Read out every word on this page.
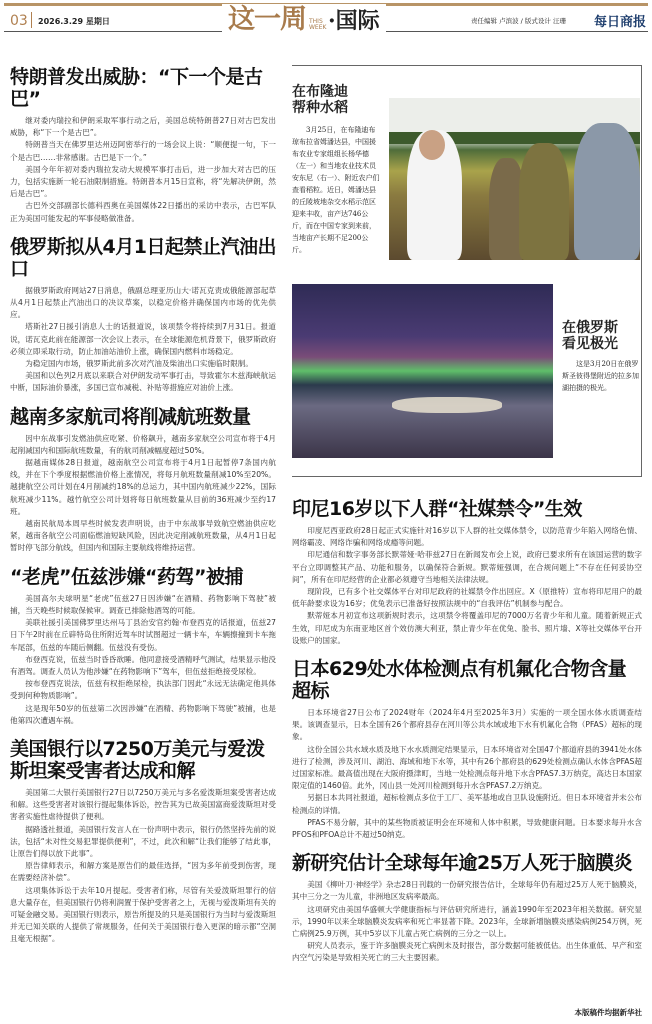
03 2026.3.29 星期日	这一周 THIS WEEK ·国际	责任编辑 卢滨波 / 版式设计 汪珊 每日商报
特朗普发出威胁：“下一个是古巴”

继对委内瑞拉和伊朗采取军事行动之后，美国总统特朗普27日对古巴发出威胁，称“下一个是古巴”。

特朗普当天在佛罗里达州迈阿密举行的一场会议上说：“顺便提一句，下一个是古巴……非常感谢。古巴是下一个。”

美国今年年初对委内瑞拉发动大规模军事打击后，进一步加大对古巴的压力，包括实施新一轮石油限制措施。特朗普本月15日宣称，将“先解决伊朗，然后是古巴”。

古巴外交部副部长德科西奥在美国媒体22日播出的采访中表示，古巴军队正为美国可能发起的军事侵略做准备。

俄罗斯拟从4月1日起禁止汽油出口

据俄罗斯政府网站27日消息，俄副总理亚历山大·诺瓦克责成俄能源部起草从4月1日起禁止汽油出口的决议草案，以稳定价格并确保国内市场的优先供应。

塔斯社27日援引消息人士的话报道说，该项禁令将持续到7月31日。报道说，诺瓦克此前在能源部一次会议上表示，在全球能源危机背景下，俄罗斯政府必须立即采取行动，防止加油站油价上涨，确保国内燃料市场稳定。

为稳定国内市场，俄罗斯此前多次对汽油及柴油出口实施临时限制。

美国和以色列2月底以来联合对伊朗发动军事打击，导致霍尔木兹海峡航运中断，国际油价暴涨，多国已宣布减税、补贴等措施应对油价上涨。

越南多家航司将削减航班数量

因中东战事引发燃油供应吃紧、价格飙升，越南多家航空公司宣布将于4月起削减国内和国际航班数量，有的航司削减幅度超过50%。

据越南媒体28日报道，越南航空公司宣布将于4月1日起暂停7条国内航线，并在下个季度根据燃油价格上涨情况，将每月航班数量削减10%至20%。越捷航空公司计划在4月削减约18%的总运力，其中国内航班减少22%，国际航班减少11%。越竹航空公司计划将每日航班数量从目前的36班减少至约17班。

越南民航局本周早些时候发表声明说，由于中东战事导致航空燃油供应吃紧，越南各航空公司面临燃油短缺风险，因此决定削减航班数量，从4月1日起暂时停飞部分航线，但国内和国际主要航线将维持运营。

“老虎”伍兹涉嫌“药驾”被捕

美国高尔夫球明星“老虎”伍兹27日因涉嫌“在酒精、药物影响下驾驶”被捕，当天晚些时候取保候审。调查已排除他酒驾的可能。

美联社援引美国佛罗里达州马丁县治安官约翰·布登西克的话报道，伍兹27日下午2时前在丘辟特岛住所附近驾车时试图超过一辆卡车，车辆擦撞到卡车拖车尾部，伍兹的车随后侧翻。伍兹没有受伤。

布登西克说，伍兹当时昏昏欲睡。他同意接受酒精呼气测试，结果显示他没有酒驾。调查人员认为他涉嫌“在药物影响下”驾车，但伍兹拒绝接受尿检。

按布登西克说法，伍兹有权拒绝尿检，执法部门因此“永远无法确定他具体受到何种物质影响”。

这是现年50岁的伍兹第二次因涉嫌“在酒精、药物影响下驾驶”被捕，也是他第四次遭遇车祸。

美国银行以7250万美元与爱泼斯坦案受害者达成和解

美国第二大银行美国银行27日以7250万美元与多名爱泼斯坦案受害者达成和解。这些受害者对该银行提起集体诉讼，控告其为已故美国富商爱泼斯坦对受害者实施性虐待提供了便利。

据路透社报道，美国银行发言人在一份声明中表示，银行仍然坚持先前的说法，包括“未对性交易犯罪提供便利”，不过，此次和解“让我们能够了结此事，让原告们得以放下此事”。

原告律师表示，和解方案是原告们的最佳选择，“因为多年前受到伤害，现在需要经济补偿”。

这项集体诉讼于去年10月提起。受害者们称，尽管有关爱泼斯坦罪行的信息大量存在，但美国银行仍将利润置于保护受害者之上，无视与爱泼斯坦有关的可疑金融交易。美国银行则表示，原告所提及的只是美国银行为当时与爱泼斯坦并无已知关联的人提供了常规服务，任何关于美国银行卷入更深的暗示都“空洞且毫无根据”。

在布隆迪
帮种水稻
3月25日，在布隆迪布琼布拉省姆潘达县，中国援布农业专家组组长杨华德（左一）和当地农业技术员安东尼（右一）、附近农户们查看稻粒。近日，姆潘达县的丘陵坡地杂交水稻示范区迎来丰收，亩产达746公斤，而在中国专家到来前，当地亩产长期不足200公斤。
在俄罗斯
看见极光
这是3月20日在俄罗斯圣彼得堡附近的拉多加湖拍摄的极光。
印尼16岁以下人群“社媒禁令”生效

印度尼西亚政府28日起正式实施针对16岁以下人群的社交媒体禁令，以防范青少年陷入网络色情、网络霸凌、网络诈骗和网络成瘾等问题。

印尼通信和数字事务部长默蒂娅·哈菲兹27日在新闻发布会上说，政府已要求所有在该国运营的数字平台立即调整其产品、功能和服务，以确保符合新规。默蒂娅强调，在合规问题上“不存在任何妥协空间”，所有在印尼经营的企业都必须遵守当地相关法律法规。

现阶段，已有多个社交媒体平台对印尼政府的社媒禁令作出回应。X（原推特）宣布将印尼用户的最低年龄要求设为16岁；优兔表示已准备好按照法规中的“自我评估”机制参与配合。

默蒂娅本月初宣布这项新规时表示，这项禁令将覆盖印尼的7000万名青少年和儿童。随着新规正式生效，印尼成为东南亚地区首个效仿澳大利亚，禁止青少年在优兔、脸书、照片墙、X等社交媒体平台开设账户的国家。

日本629处水体检测点有机氟化合物含量超标

日本环境省27日公布了2024财年（2024年4月至2025年3月）实施的一项全国水体水质调查结果。该调查显示，日本全国有26个都府县存在河川等公共水域或地下水有机氟化合物（PFAS）超标的现象。

这份全国公共水域水质及地下水水质测定结果显示，日本环境省对全国47个都道府县的3941处水体进行了检测，涉及河川、湖泊、海域和地下水等，其中有26个都府县的629处检测点确认水体含PFAS超过国家标准。最高值出现在大阪府摄津町，当地一处检测点每升地下水含PFAS7.3万纳克，高达日本国家限定值的1460倍。此外，冈山县一处河川检测到每升水含PFAS7.2万纳克。

另据日本共同社报道，超标检测点多位于工厂、美军基地或自卫队设施附近。但日本环境省并未公布检测点的详情。

PFAS不易分解，其中的某些物质被证明会在环境和人体中积累，导致健康问题。日本要求每升水含PFOS和PFOA总计不超过50纳克。

新研究估计全球每年逾25万人死于脑膜炎

美国《柳叶刀·神经学》杂志28日刊载的一份研究报告估计，全球每年仍有超过25万人死于脑膜炎，其中三分之一为儿童，非洲地区发病率最高。

这项研究由美国华盛顿大学健康指标与评估研究所进行，涵盖1990年至2023年相关数据。研究显示，1990年以来全球脑膜炎发病率和死亡率显著下降。2023年，全球新增脑膜炎感染病例254万例，死亡病例25.9万例，其中5岁以下儿童占死亡病例的三分之一以上。

研究人员表示，鉴于许多脑膜炎死亡病例未及时报告，部分数据可能被低估。出生体重低、早产和室内空气污染是导致相关死亡的三大主要因素。

本版稿件均据新华社
